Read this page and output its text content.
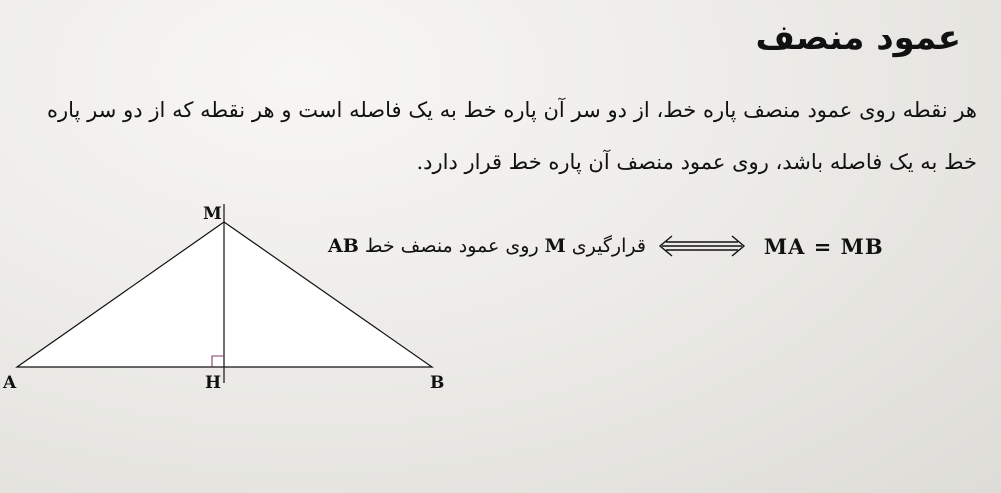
عمود منصف

هر نقطه روی عمود منصف پاره خط، از دو سر آن پاره خط به یک فاصله است و هر نقطه که از دو سر پاره خط به یک فاصله باشد، روی عمود منصف آن پاره خط قرار دارد.

قرارگیری M روی عمود منصف خط AB	MA = MB
M
A	H	B
